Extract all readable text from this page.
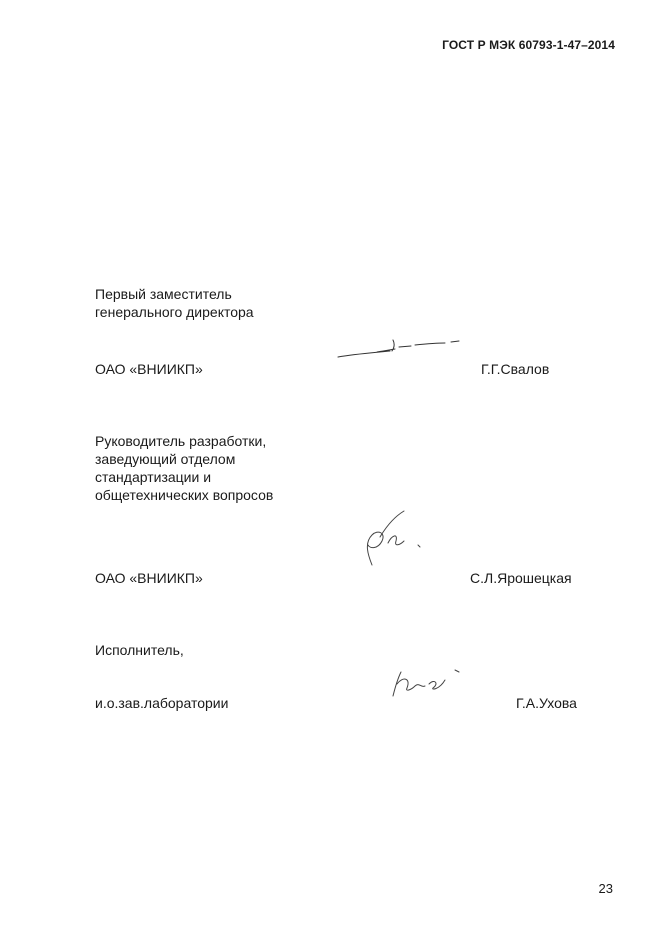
ГОСТ Р МЭК 60793-1-47–2014
Первый заместитель
генерального директора
ОАО «ВНИИКП»	Г.Г.Свалов
Руководитель разработки,
заведующий отделом
стандартизации и
общетехнических вопросов
ОАО «ВНИИКП»	С.Л.Ярошецкая
Исполнитель,
и.о.зав.лаборатории	Г.А.Ухова
23
